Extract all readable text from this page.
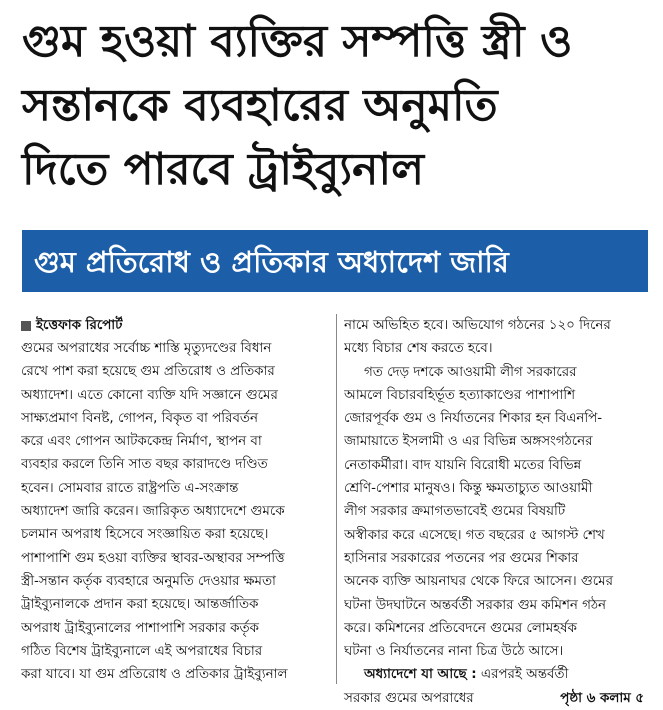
গুম হওয়া ব্যক্তির সম্পত্তি স্ত্রী ও
সন্তানকে ব্যবহারের অনুমতি
দিতে পারবে ট্রাইব্যুনাল
গুম প্রতিরোধ ও প্রতিকার অধ্যাদেশ জারি
ইত্তেফাক রিপোর্ট
গুমের অপরাধের সর্বোচ্চ শাস্তি মৃত্যুদণ্ডের বিধান
রেখে পাশ করা হয়েছে গুম প্রতিরোধ ও প্রতিকার
অধ্যাদেশ। এতে কোনো ব্যক্তি যদি সজ্ঞানে গুমের
সাক্ষ্যপ্রমাণ বিনষ্ট, গোপন, বিকৃত বা পরিবর্তন
করে এবং গোপন আটককেন্দ্র নির্মাণ, স্থাপন বা
ব্যবহার করলে তিনি সাত বছর কারাদণ্ডে দণ্ডিত
হবেন। সোমবার রাতে রাষ্ট্রপতি এ-সংক্রান্ত
অধ্যাদেশ জারি করেন। জারিকৃত অধ্যাদেশে গুমকে
চলমান অপরাধ হিসেবে সংজ্ঞায়িত করা হয়েছে।
পাশাপাশি গুম হওয়া ব্যক্তির স্থাবর-অস্থাবর সম্পত্তি
স্ত্রী-সন্তান কর্তৃক ব্যবহারে অনুমতি দেওয়ার ক্ষমতা
ট্রাইব্যুনালকে প্রদান করা হয়েছে। আন্তর্জাতিক
অপরাধ ট্রাইব্যুনালের পাশাপাশি সরকার কর্তৃক
গঠিত বিশেষ ট্রাইব্যুনালে এই অপরাধের বিচার
করা যাবে। যা গুম প্রতিরোধ ও প্রতিকার ট্রাইব্যুনাল
নামে অভিহিত হবে। অভিযোগ গঠনের ১২০ দিনের
মধ্যে বিচার শেষ করতে হবে।
গত দেড় দশকে আওয়ামী লীগ সরকারের
আমলে বিচারবহির্ভূত হত্যাকাণ্ডের পাশাপাশি
জোরপূর্বক গুম ও নির্যাতনের শিকার হন বিএনপি-
জামায়াতে ইসলামী ও এর বিভিন্ন অঙ্গসংগঠনের
নেতাকর্মীরা। বাদ যায়নি বিরোধী মতের বিভিন্ন
শ্রেণি-পেশার মানুষও। কিন্তু ক্ষমতাচ্যুত আওয়ামী
লীগ সরকার ক্রমাগতভাবেই গুমের বিষয়টি
অস্বীকার করে এসেছে। গত বছরের ৫ আগস্ট শেখ
হাসিনার সরকারের পতনের পর গুমের শিকার
অনেক ব্যক্তি আয়নাঘর থেকে ফিরে আসেন। গুমের
ঘটনা উদঘাটনে অন্তর্বর্তী সরকার গুম কমিশন গঠন
করে। কমিশনের প্রতিবেদনে গুমের লোমহর্ষক
ঘটনা ও নির্যাতনের নানা চিত্র উঠে আসে।
অধ্যাদেশে যা আছে : এরপরই অন্তর্বর্তী
সরকার গুমের অপরাধের	পৃষ্ঠা ৬ কলাম ৫
